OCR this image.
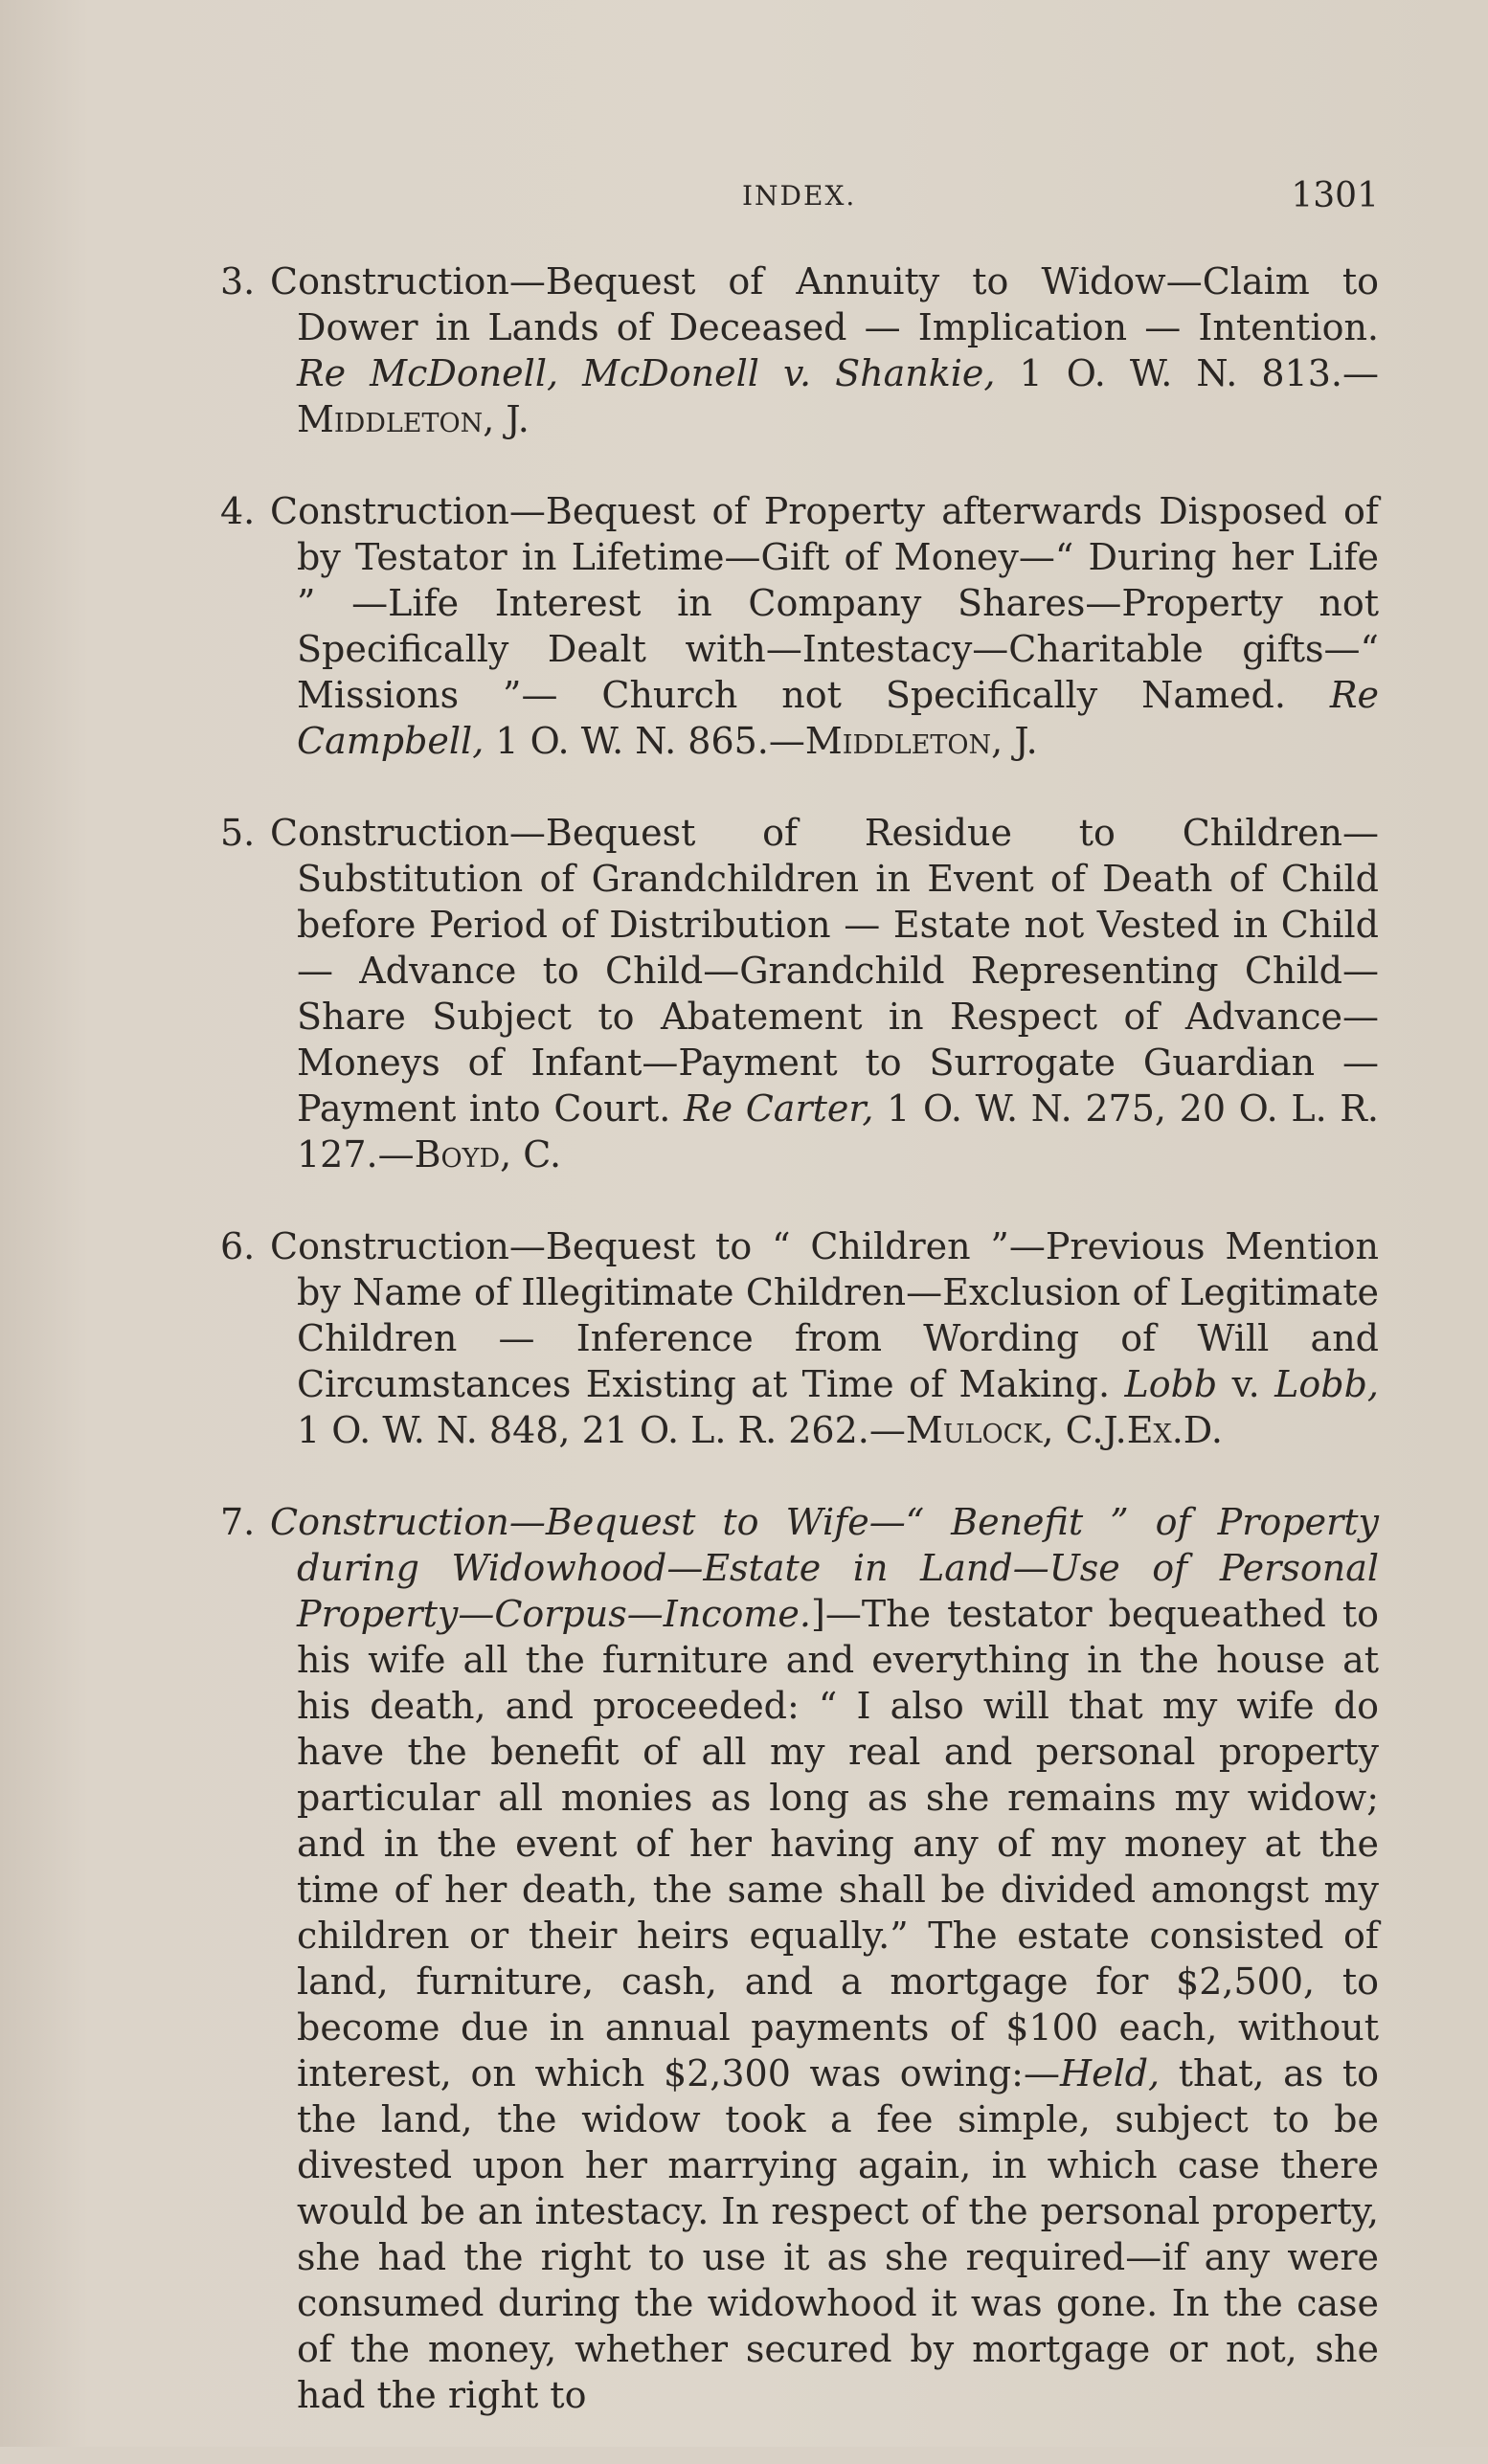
INDEX.	1301

3. Construction—Bequest of Annuity to Widow—Claim to Dower in Lands of Deceased — Implication — Intention. Re McDonell, McDonell v. Shankie, 1 O. W. N. 813.—Middleton, J.

4. Construction—Bequest of Property afterwards Disposed of by Testator in Lifetime—Gift of Money—“ During her Life ” —Life Interest in Company Shares—Property not Specifically Dealt with—Intestacy—Charitable gifts—“ Missions ”— Church not Specifically Named. Re Campbell, 1 O. W. N. 865.—Middleton, J.

5. Construction—Bequest of Residue to Children—Substitution of Grandchildren in Event of Death of Child before Period of Distribution — Estate not Vested in Child — Advance to Child—Grandchild Representing Child—Share Subject to Abatement in Respect of Advance—Moneys of Infant—Payment to Surrogate Guardian — Payment into Court. Re Carter, 1 O. W. N. 275, 20 O. L. R. 127.—Boyd, C.

6. Construction—Bequest to “ Children ”—Previous Mention by Name of Illegitimate Children—Exclusion of Legitimate Children — Inference from Wording of Will and Circumstances Existing at Time of Making. Lobb v. Lobb, 1 O. W. N. 848, 21 O. L. R. 262.—Mulock, C.J.Ex.D.

7. Construction—Bequest to Wife—“ Benefit ” of Property during Widowhood—Estate in Land—Use of Personal Property—Corpus—Income.]—The testator bequeathed to his wife all the furniture and everything in the house at his death, and proceeded: “ I also will that my wife do have the benefit of all my real and personal property particular all monies as long as she remains my widow; and in the event of her having any of my money at the time of her death, the same shall be divided amongst my children or their heirs equally.” The estate consisted of land, furniture, cash, and a mortgage for $2,500, to become due in annual payments of $100 each, without interest, on which $2,300 was owing:—Held, that, as to the land, the widow took a fee simple, subject to be divested upon her marrying again, in which case there would be an intestacy. In respect of the personal property, she had the right to use it as she required—if any were consumed during the widowhood it was gone. In the case of the money, whether secured by mortgage or not, she had the right to
